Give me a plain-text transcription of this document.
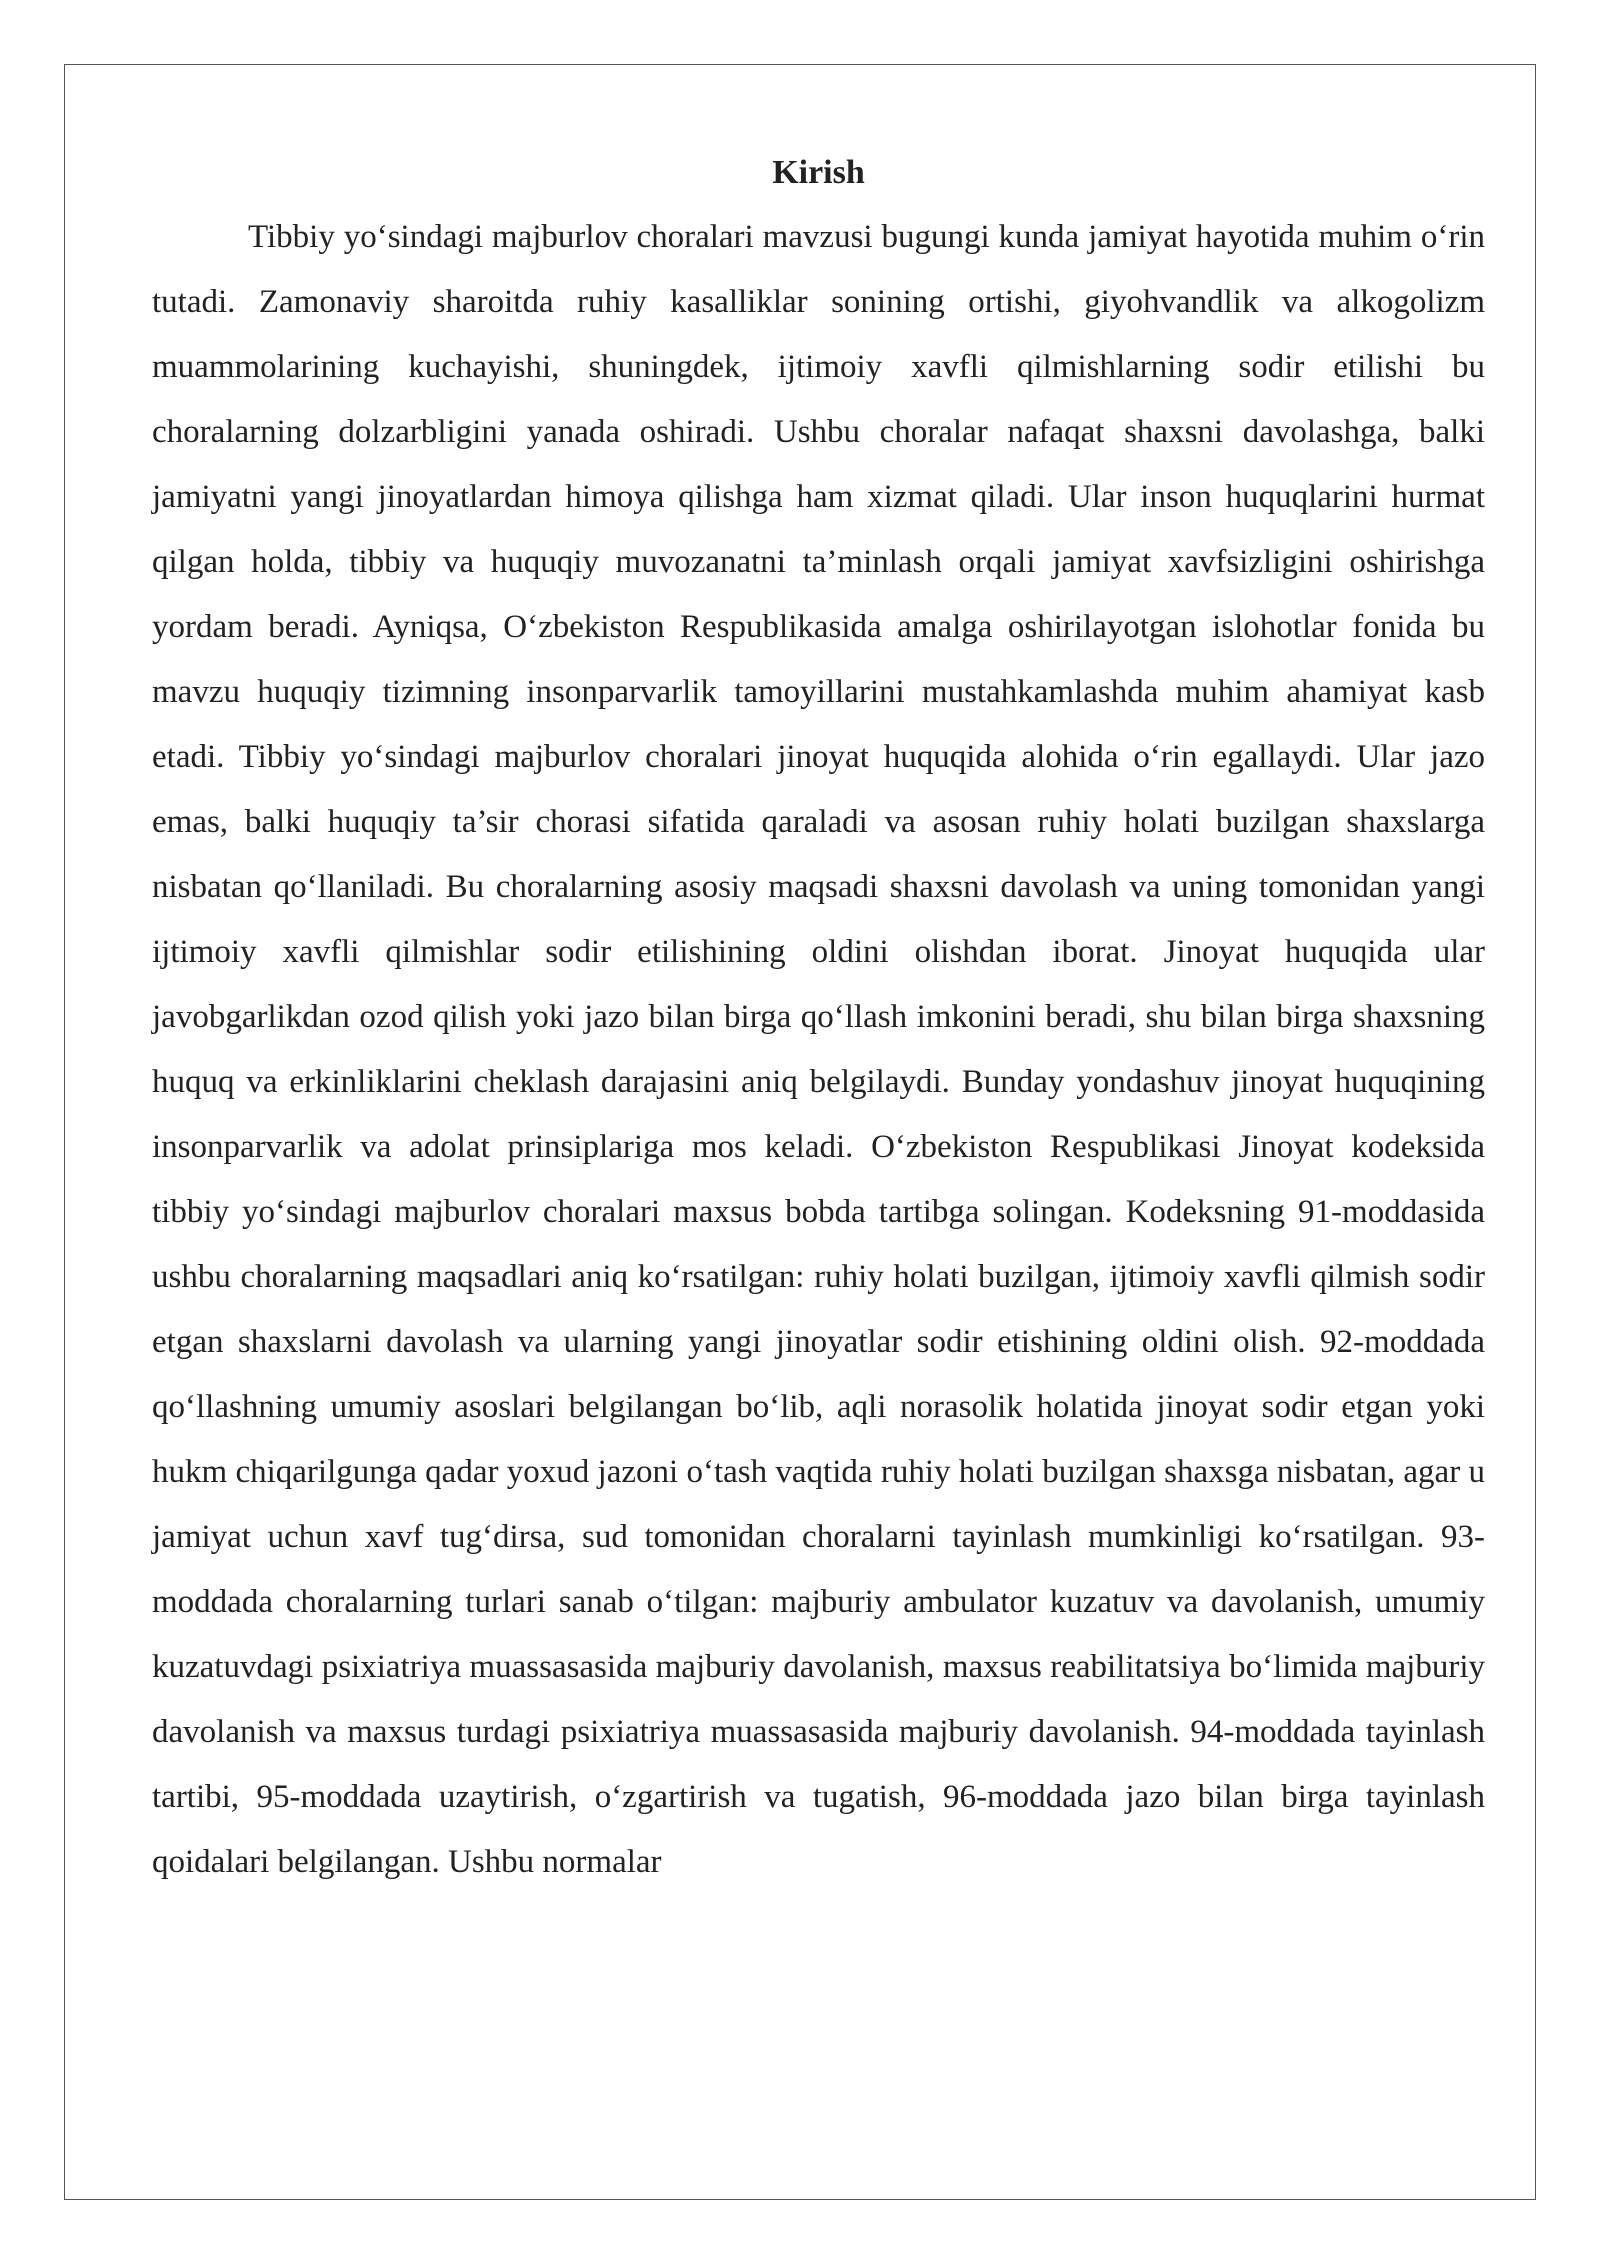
Kirish

Tibbiy yo‘sindagi majburlov choralari mavzusi bugungi kunda jamiyat hayotida muhim o‘rin tutadi. Zamonaviy sharoitda ruhiy kasalliklar sonining ortishi, giyohvandlik va alkogolizm muammolarining kuchayishi, shuningdek, ijtimoiy xavfli qilmishlarning sodir etilishi bu choralarning dolzarbligini yanada oshiradi. Ushbu choralar nafaqat shaxsni davolashga, balki jamiyatni yangi jinoyatlardan himoya qilishga ham xizmat qiladi. Ular inson huquqlarini hurmat qilgan holda, tibbiy va huquqiy muvozanatni ta’minlash orqali jamiyat xavfsizligini oshirishga yordam beradi. Ayniqsa, O‘zbekiston Respublikasida amalga oshirilayotgan islohotlar fonida bu mavzu huquqiy tizimning insonparvarlik tamoyillarini mustahkamlashda muhim ahamiyat kasb etadi. Tibbiy yo‘sindagi majburlov choralari jinoyat huquqida alohida o‘rin egallaydi. Ular jazo emas, balki huquqiy ta’sir chorasi sifatida qaraladi va asosan ruhiy holati buzilgan shaxslarga nisbatan qo‘llaniladi. Bu choralarning asosiy maqsadi shaxsni davolash va uning tomonidan yangi ijtimoiy xavfli qilmishlar sodir etilishining oldini olishdan iborat. Jinoyat huquqida ular javobgarlikdan ozod qilish yoki jazo bilan birga qo‘llash imkonini beradi, shu bilan birga shaxsning huquq va erkinliklarini cheklash darajasini aniq belgilaydi. Bunday yondashuv jinoyat huquqining insonparvarlik va adolat prinsiplariga mos keladi. O‘zbekiston Respublikasi Jinoyat kodeksida tibbiy yo‘sindagi majburlov choralari maxsus bobda tartibga solingan. Kodeksning 91-moddasida ushbu choralarning maqsadlari aniq ko‘rsatilgan: ruhiy holati buzilgan, ijtimoiy xavfli qilmish sodir etgan shaxslarni davolash va ularning yangi jinoyatlar sodir etishining oldini olish. 92-moddada qo‘llashning umumiy asoslari belgilangan bo‘lib, aqli norasolik holatida jinoyat sodir etgan yoki hukm chiqarilgunga qadar yoxud jazoni o‘tash vaqtida ruhiy holati buzilgan shaxsga nisbatan, agar u jamiyat uchun xavf tug‘dirsa, sud tomonidan choralarni tayinlash mumkinligi ko‘rsatilgan. 93-moddada choralarning turlari sanab o‘tilgan: majburiy ambulator kuzatuv va davolanish, umumiy kuzatuvdagi psixiatriya muassasasida majburiy davolanish, maxsus reabilitatsiya bo‘limida majburiy davolanish va maxsus turdagi psixiatriya muassasasida majburiy davolanish. 94-moddada tayinlash tartibi, 95-moddada uzaytirish, o‘zgartirish va tugatish, 96-moddada jazo bilan birga tayinlash qoidalari belgilangan. Ushbu normalar
